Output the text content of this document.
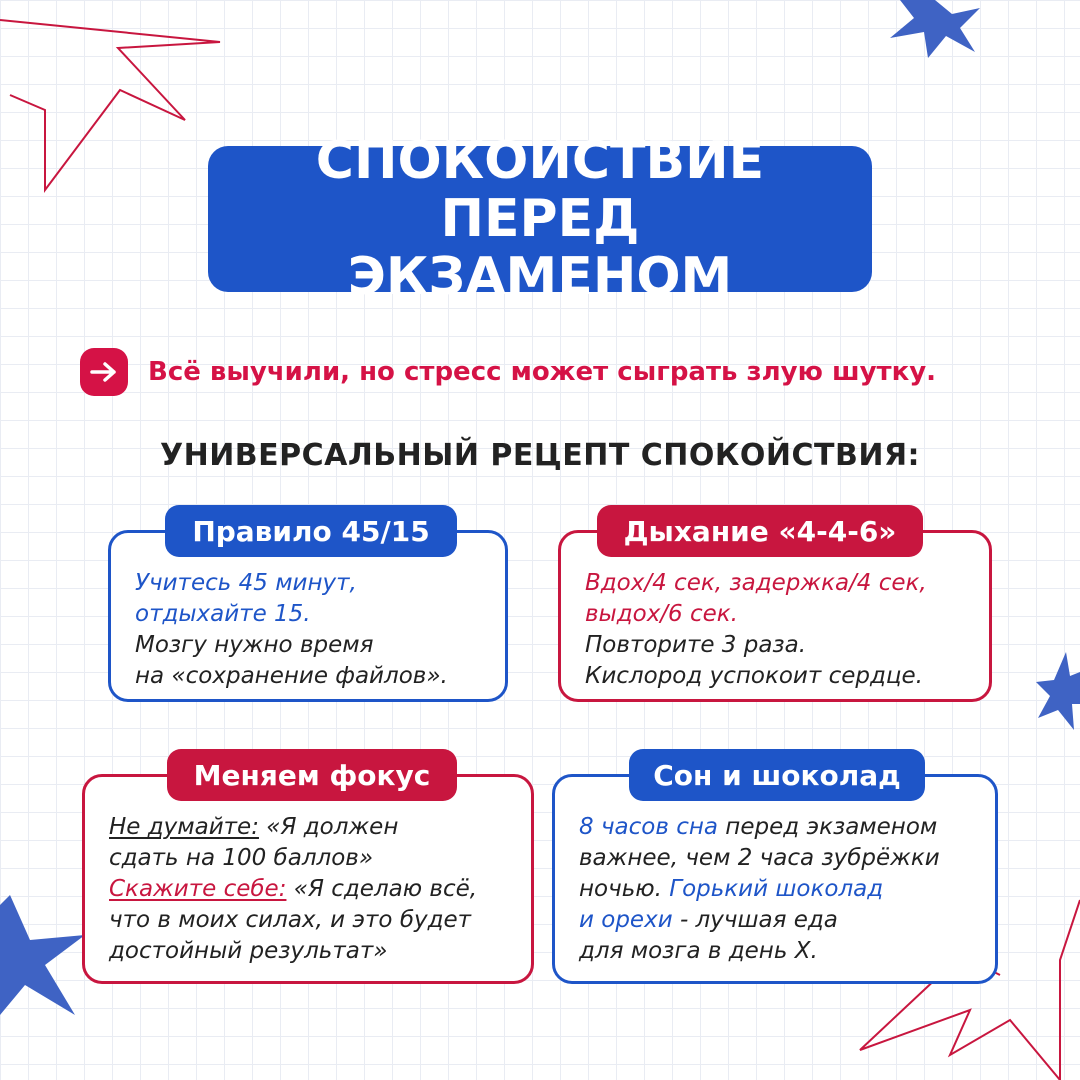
СПОКОЙСТВИЕ ПЕРЕД
ЭКЗАМЕНОМ
Всё выучили, но стресс может сыграть злую шутку.
УНИВЕРСАЛЬНЫЙ РЕЦЕПТ СПОКОЙСТВИЯ:
Правило 45/15
Учитесь 45 минут,
отдыхайте 15.
Мозгу нужно время
на «сохранение файлов».
Дыхание «4-4-6»
Вдох/4 сек, задержка/4 сек,
выдох/6 сек.
Повторите 3 раза.
Кислород успокоит сердце.
Меняем фокус
Не думайте: «Я должен
сдать на 100 баллов»
Скажите себе: «Я сделаю всё,
что в моих силах, и это будет
достойный результат»
Сон и шоколад
8 часов сна перед экзаменом
важнее, чем 2 часа зубрёжки
ночью. Горький шоколад
и орехи - лучшая еда
для мозга в день Х.
